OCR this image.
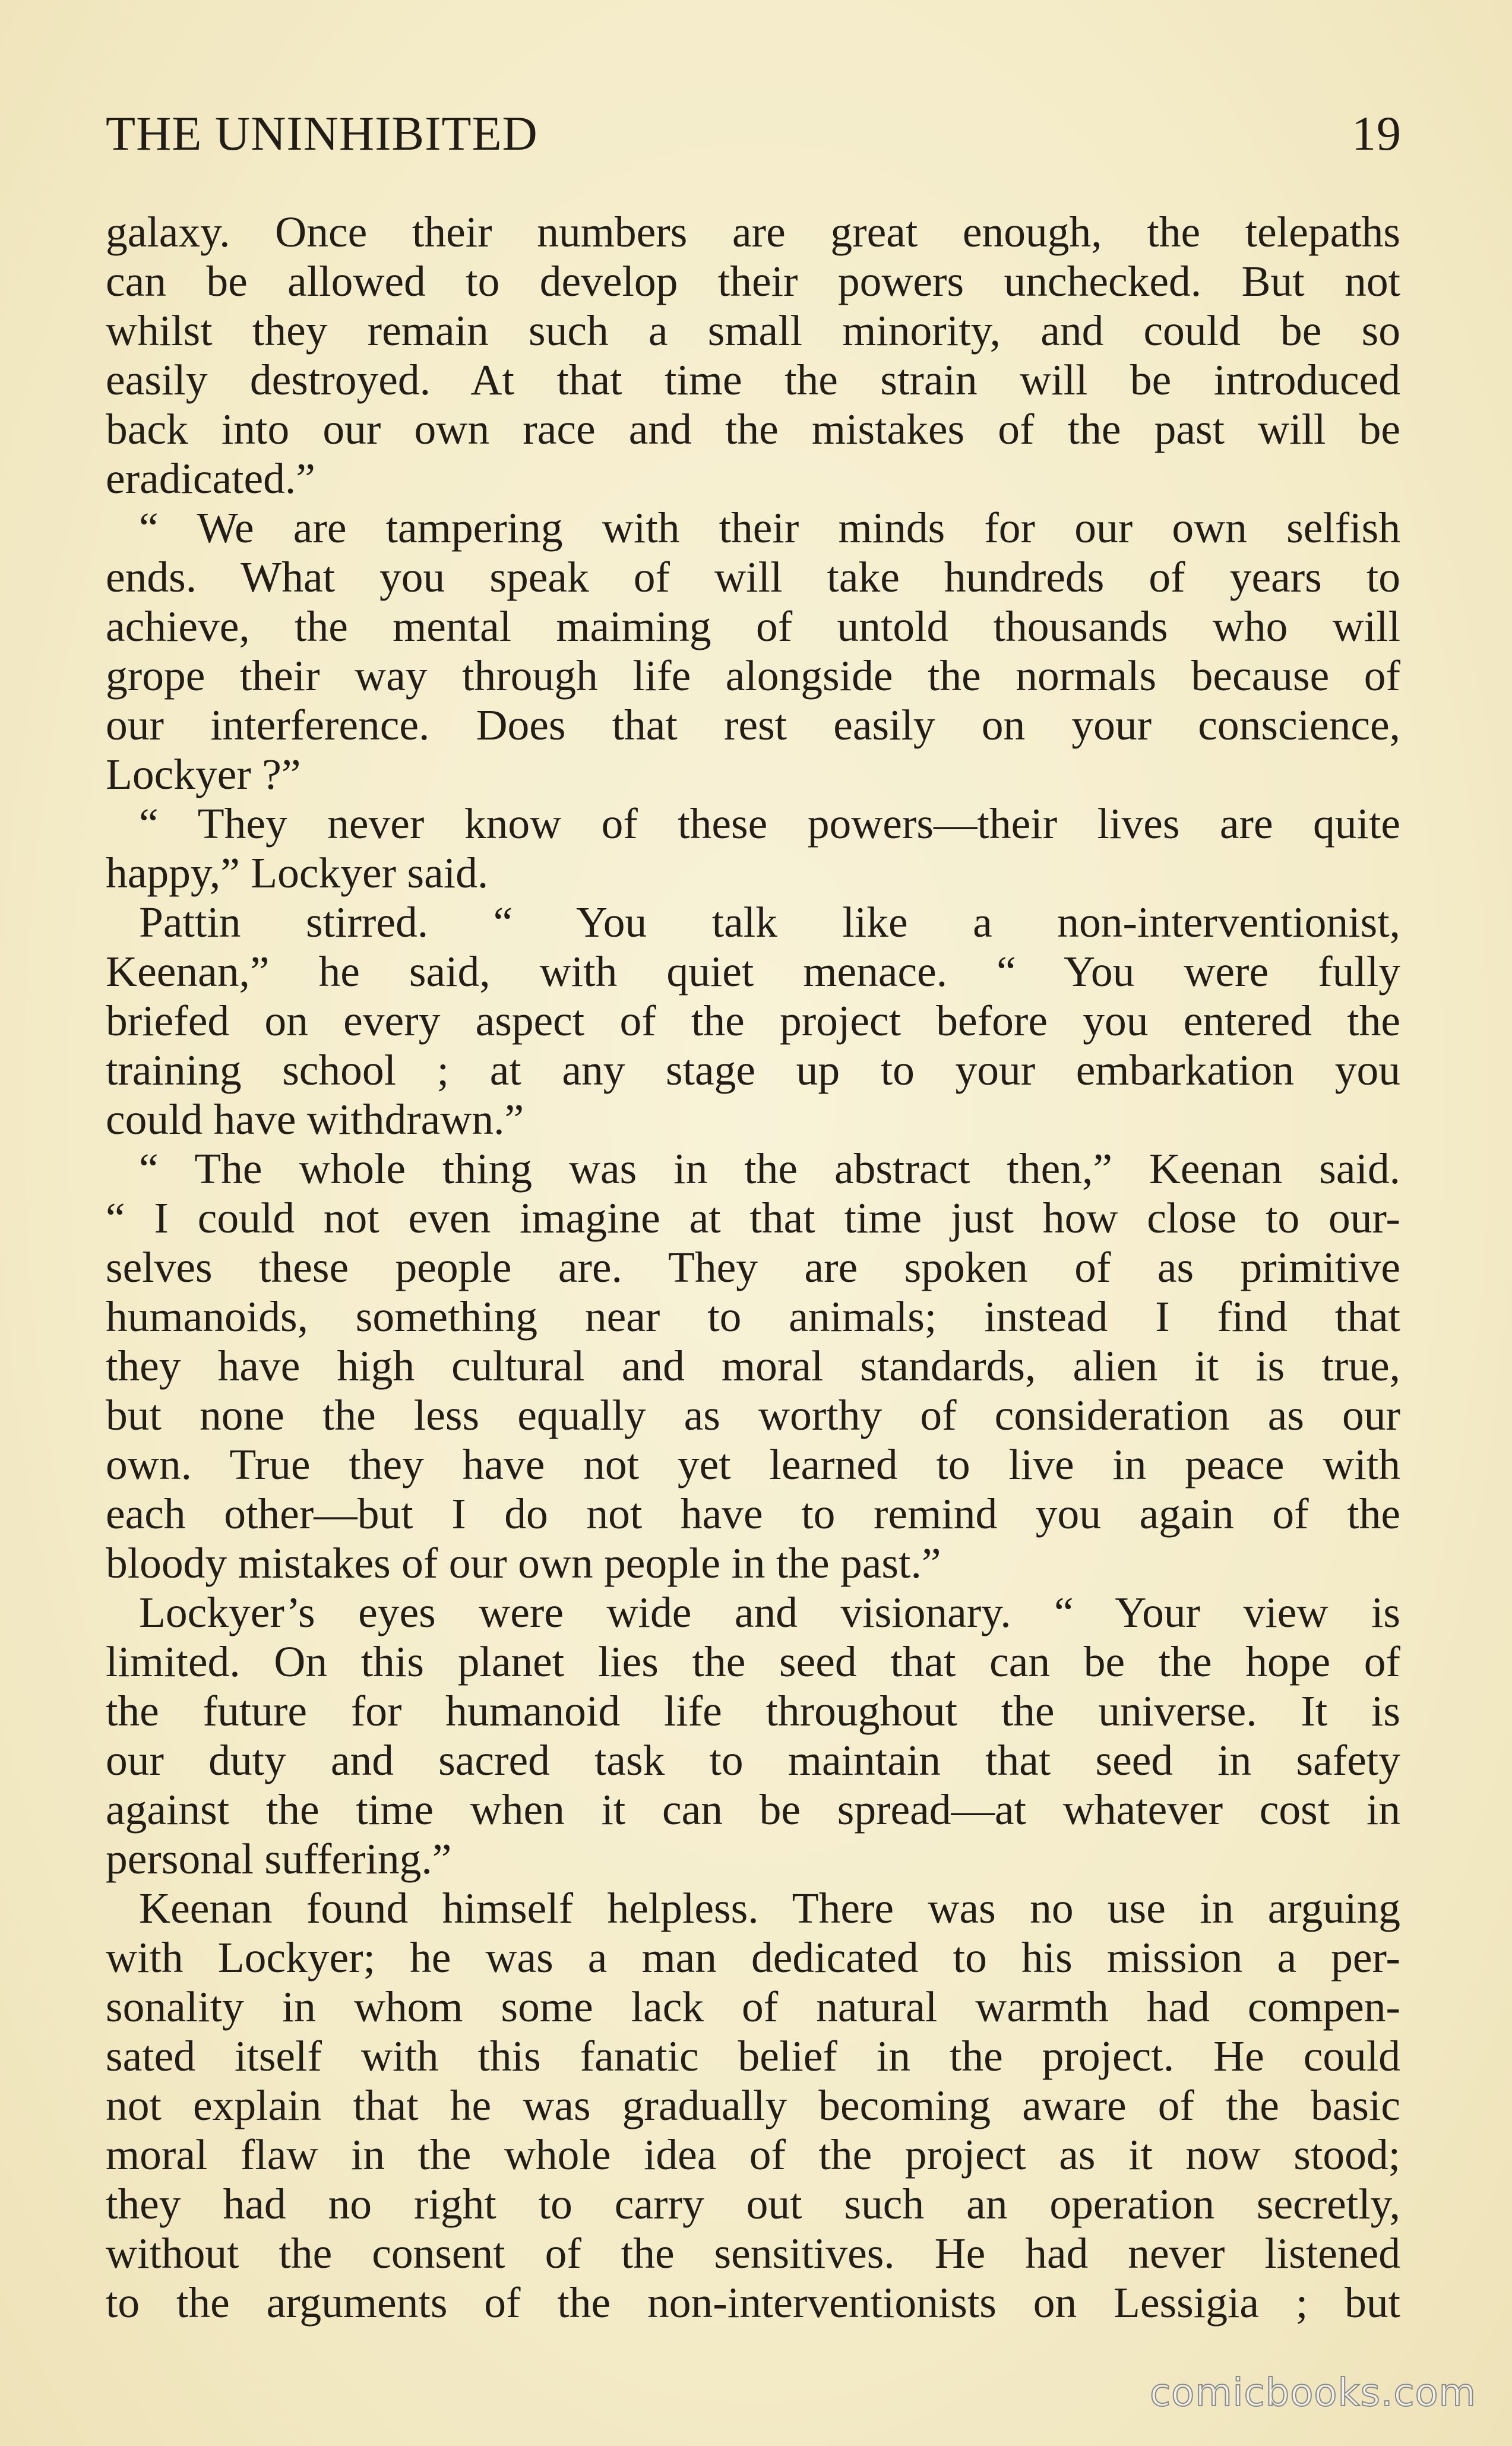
THE UNINHIBITED	19
galaxy. Once their numbers are great enough, the telepaths
can be allowed to develop their powers unchecked. But not
whilst they remain such a small minority, and could be so
easily destroyed. At that time the strain will be introduced
back into our own race and the mistakes of the past will be
eradicated.”
“ We are tampering with their minds for our own selfish
ends. What you speak of will take hundreds of years to
achieve, the mental maiming of untold thousands who will
grope their way through life alongside the normals because of
our interference. Does that rest easily on your conscience,
Lockyer ?”
“ They never know of these powers—their lives are quite
happy,” Lockyer said.
Pattin stirred. “ You talk like a non-interventionist,
Keenan,” he said, with quiet menace. “ You were fully
briefed on every aspect of the project before you entered the
training school ; at any stage up to your embarkation you
could have withdrawn.”
“ The whole thing was in the abstract then,” Keenan said.
“ I could not even imagine at that time just how close to our-
selves these people are. They are spoken of as primitive
humanoids, something near to animals; instead I find that
they have high cultural and moral standards, alien it is true,
but none the less equally as worthy of consideration as our
own. True they have not yet learned to live in peace with
each other—but I do not have to remind you again of the
bloody mistakes of our own people in the past.”
Lockyer’s eyes were wide and visionary. “ Your view is
limited. On this planet lies the seed that can be the hope of
the future for humanoid life throughout the universe. It is
our duty and sacred task to maintain that seed in safety
against the time when it can be spread—at whatever cost in
personal suffering.”
Keenan found himself helpless. There was no use in arguing
with Lockyer; he was a man dedicated to his mission a per-
sonality in whom some lack of natural warmth had compen-
sated itself with this fanatic belief in the project. He could
not explain that he was gradually becoming aware of the basic
moral flaw in the whole idea of the project as it now stood;
they had no right to carry out such an operation secretly,
without the consent of the sensitives. He had never listened
to the arguments of the non-interventionists on Lessigia ; but
comicbooks.com
